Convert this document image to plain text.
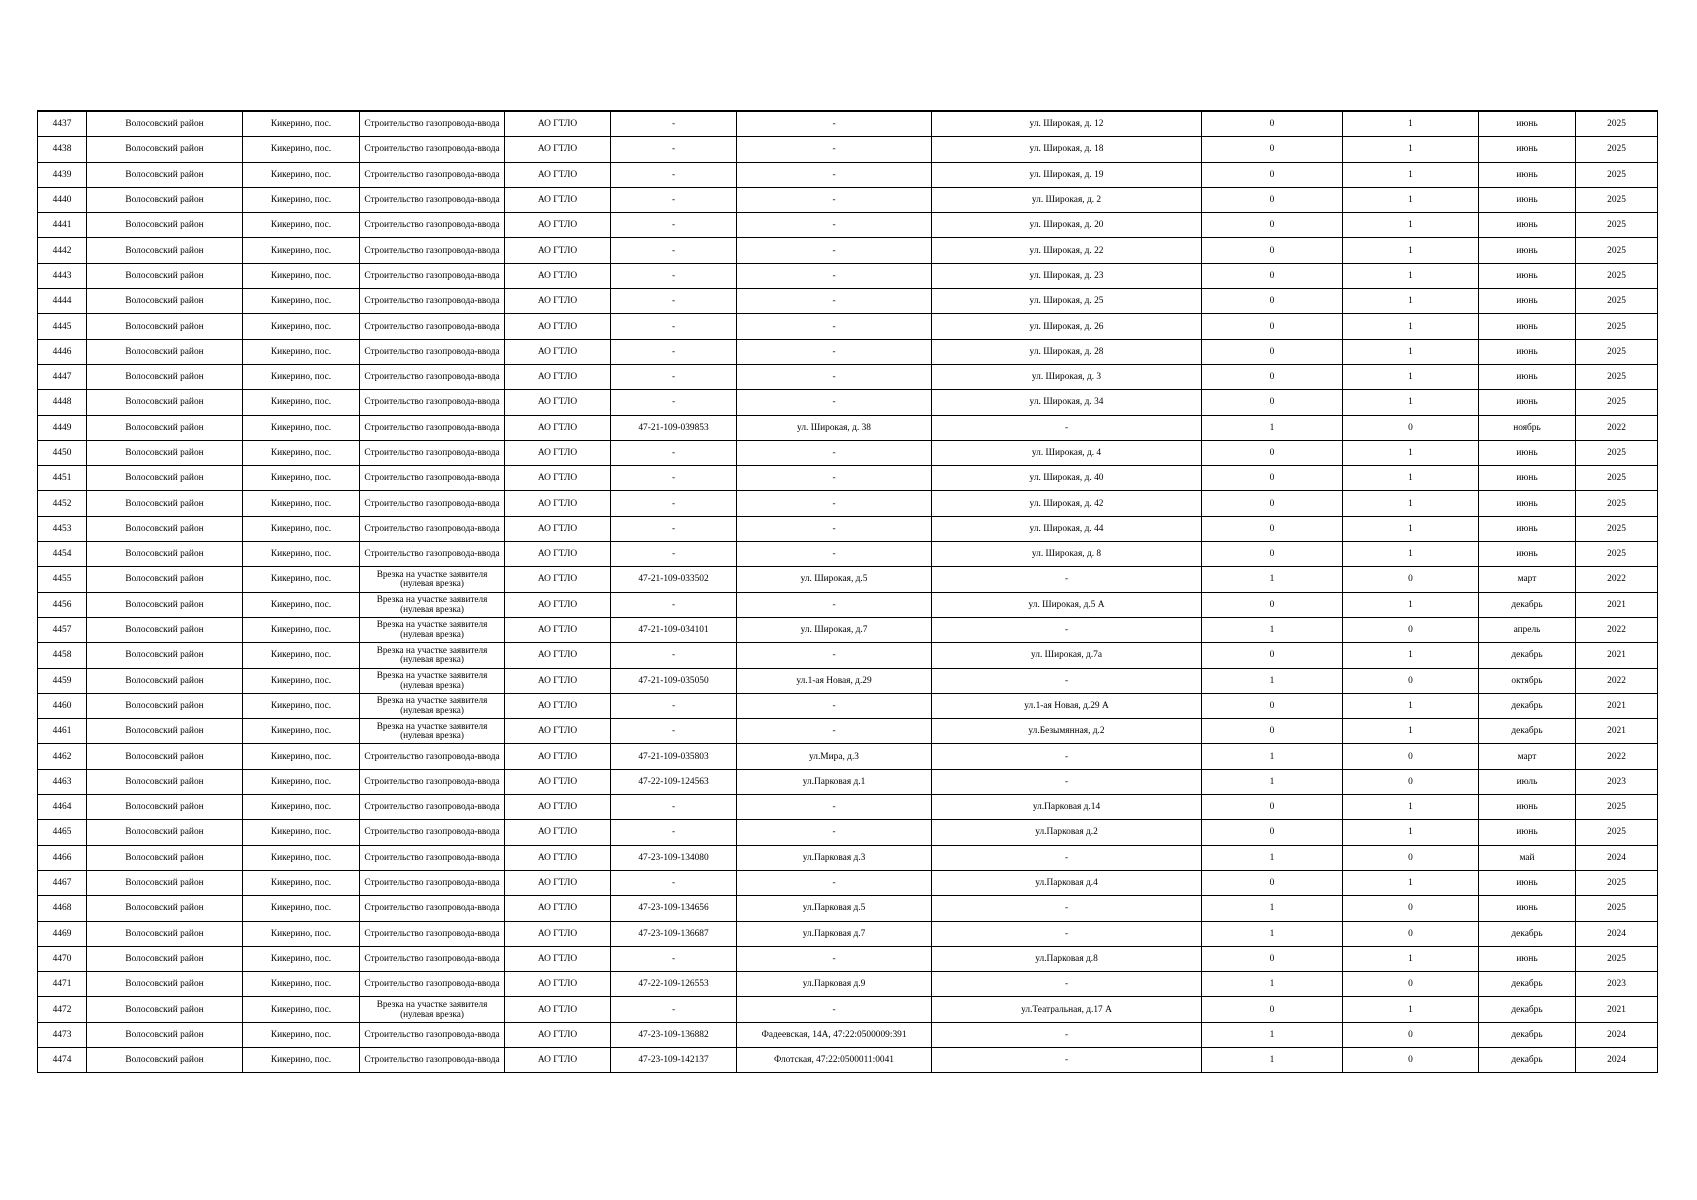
4437	Волосовский район	Кикерино, пос.	Строительство газопровода-ввода	АО ГТЛО	-	-	ул. Широкая, д. 12	0	1	июнь	2025
4438	Волосовский район	Кикерино, пос.	Строительство газопровода-ввода	АО ГТЛО	-	-	ул. Широкая, д. 18	0	1	июнь	2025
4439	Волосовский район	Кикерино, пос.	Строительство газопровода-ввода	АО ГТЛО	-	-	ул. Широкая, д. 19	0	1	июнь	2025
4440	Волосовский район	Кикерино, пос.	Строительство газопровода-ввода	АО ГТЛО	-	-	ул. Широкая, д. 2	0	1	июнь	2025
4441	Волосовский район	Кикерино, пос.	Строительство газопровода-ввода	АО ГТЛО	-	-	ул. Широкая, д. 20	0	1	июнь	2025
4442	Волосовский район	Кикерино, пос.	Строительство газопровода-ввода	АО ГТЛО	-	-	ул. Широкая, д. 22	0	1	июнь	2025
4443	Волосовский район	Кикерино, пос.	Строительство газопровода-ввода	АО ГТЛО	-	-	ул. Широкая, д. 23	0	1	июнь	2025
4444	Волосовский район	Кикерино, пос.	Строительство газопровода-ввода	АО ГТЛО	-	-	ул. Широкая, д. 25	0	1	июнь	2025
4445	Волосовский район	Кикерино, пос.	Строительство газопровода-ввода	АО ГТЛО	-	-	ул. Широкая, д. 26	0	1	июнь	2025
4446	Волосовский район	Кикерино, пос.	Строительство газопровода-ввода	АО ГТЛО	-	-	ул. Широкая, д. 28	0	1	июнь	2025
4447	Волосовский район	Кикерино, пос.	Строительство газопровода-ввода	АО ГТЛО	-	-	ул. Широкая, д. 3	0	1	июнь	2025
4448	Волосовский район	Кикерино, пос.	Строительство газопровода-ввода	АО ГТЛО	-	-	ул. Широкая, д. 34	0	1	июнь	2025
4449	Волосовский район	Кикерино, пос.	Строительство газопровода-ввода	АО ГТЛО	47-21-109-039853	ул. Широкая, д. 38	-	1	0	ноябрь	2022
4450	Волосовский район	Кикерино, пос.	Строительство газопровода-ввода	АО ГТЛО	-	-	ул. Широкая, д. 4	0	1	июнь	2025
4451	Волосовский район	Кикерино, пос.	Строительство газопровода-ввода	АО ГТЛО	-	-	ул. Широкая, д. 40	0	1	июнь	2025
4452	Волосовский район	Кикерино, пос.	Строительство газопровода-ввода	АО ГТЛО	-	-	ул. Широкая, д. 42	0	1	июнь	2025
4453	Волосовский район	Кикерино, пос.	Строительство газопровода-ввода	АО ГТЛО	-	-	ул. Широкая, д. 44	0	1	июнь	2025
4454	Волосовский район	Кикерино, пос.	Строительство газопровода-ввода	АО ГТЛО	-	-	ул. Широкая, д. 8	0	1	июнь	2025
4455	Волосовский район	Кикерино, пос.	Врезка на участке заявителя (нулевая врезка)	АО ГТЛО	47-21-109-033502	ул. Широкая, д.5	-	1	0	март	2022
4456	Волосовский район	Кикерино, пос.	Врезка на участке заявителя (нулевая врезка)	АО ГТЛО	-	-	ул. Широкая, д.5 А	0	1	декабрь	2021
4457	Волосовский район	Кикерино, пос.	Врезка на участке заявителя (нулевая врезка)	АО ГТЛО	47-21-109-034101	ул. Широкая, д.7	-	1	0	апрель	2022
4458	Волосовский район	Кикерино, пос.	Врезка на участке заявителя (нулевая врезка)	АО ГТЛО	-	-	ул. Широкая, д.7а	0	1	декабрь	2021
4459	Волосовский район	Кикерино, пос.	Врезка на участке заявителя (нулевая врезка)	АО ГТЛО	47-21-109-035050	ул.1-ая Новая, д.29	-	1	0	октябрь	2022
4460	Волосовский район	Кикерино, пос.	Врезка на участке заявителя (нулевая врезка)	АО ГТЛО	-	-	ул.1-ая Новая, д.29 А	0	1	декабрь	2021
4461	Волосовский район	Кикерино, пос.	Врезка на участке заявителя (нулевая врезка)	АО ГТЛО	-	-	ул.Безымянная, д.2	0	1	декабрь	2021
4462	Волосовский район	Кикерино, пос.	Строительство газопровода-ввода	АО ГТЛО	47-21-109-035803	ул.Мира, д.3	-	1	0	март	2022
4463	Волосовский район	Кикерино, пос.	Строительство газопровода-ввода	АО ГТЛО	47-22-109-124563	ул.Парковая д.1	-	1	0	июль	2023
4464	Волосовский район	Кикерино, пос.	Строительство газопровода-ввода	АО ГТЛО	-	-	ул.Парковая д.14	0	1	июнь	2025
4465	Волосовский район	Кикерино, пос.	Строительство газопровода-ввода	АО ГТЛО	-	-	ул.Парковая д.2	0	1	июнь	2025
4466	Волосовский район	Кикерино, пос.	Строительство газопровода-ввода	АО ГТЛО	47-23-109-134080	ул.Парковая д.3	-	1	0	май	2024
4467	Волосовский район	Кикерино, пос.	Строительство газопровода-ввода	АО ГТЛО	-	-	ул.Парковая д.4	0	1	июнь	2025
4468	Волосовский район	Кикерино, пос.	Строительство газопровода-ввода	АО ГТЛО	47-23-109-134656	ул.Парковая д.5	-	1	0	июнь	2025
4469	Волосовский район	Кикерино, пос.	Строительство газопровода-ввода	АО ГТЛО	47-23-109-136687	ул.Парковая д.7	-	1	0	декабрь	2024
4470	Волосовский район	Кикерино, пос.	Строительство газопровода-ввода	АО ГТЛО	-	-	ул.Парковая д.8	0	1	июнь	2025
4471	Волосовский район	Кикерино, пос.	Строительство газопровода-ввода	АО ГТЛО	47-22-109-126553	ул.Парковая д.9	-	1	0	декабрь	2023
4472	Волосовский район	Кикерино, пос.	Врезка на участке заявителя (нулевая врезка)	АО ГТЛО	-	-	ул.Театральная, д.17 А	0	1	декабрь	2021
4473	Волосовский район	Кикерино, пос.	Строительство газопровода-ввода	АО ГТЛО	47-23-109-136882	Фадеевская, 14А, 47:22:0500009:391	-	1	0	декабрь	2024
4474	Волосовский район	Кикерино, пос.	Строительство газопровода-ввода	АО ГТЛО	47-23-109-142137	Флотская, 47:22:0500011:0041	-	1	0	декабрь	2024
